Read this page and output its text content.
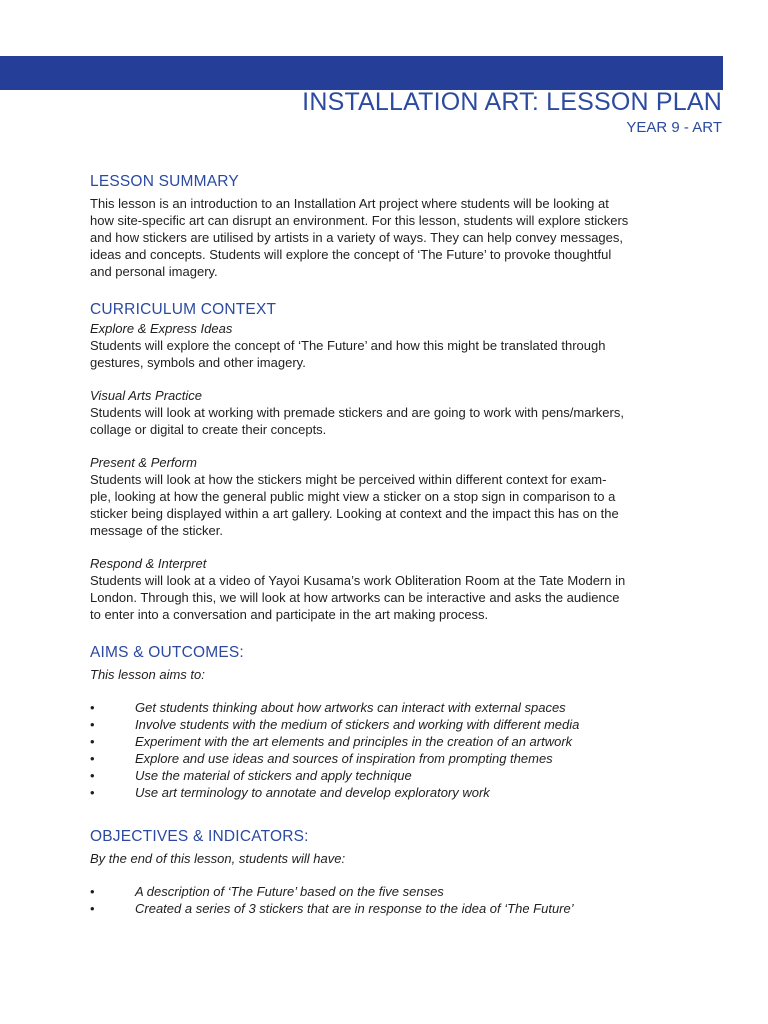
INSTALLATION ART: LESSON PLAN
YEAR 9 - ART
LESSON SUMMARY

This lesson is an introduction to an Installation Art project where students will be looking at

how site-specific art can disrupt an environment. For this lesson, students will explore stickers

and how stickers are utilised by artists in a variety of ways. They can help convey messages,

ideas and concepts. Students will explore the concept of ‘The Future’ to provoke thoughtful

and personal imagery.

CURRICULUM CONTEXT

Explore & Express Ideas

Students will explore the concept of ‘The Future’ and how this might be translated through

gestures, symbols and other imagery.

Visual Arts Practice

Students will look at working with premade stickers and are going to work with pens/markers,

collage or digital to create their concepts.

Present & Perform

Students will look at how the stickers might be perceived within different context for exam-

ple, looking at how the general public might view a sticker on a stop sign in comparison to a

sticker being displayed within a art gallery. Looking at context and the impact this has on the

message of the sticker.

Respond & Interpret

Students will look at a video of Yayoi Kusama’s work Obliteration Room at the Tate Modern in

London. Through this, we will look at how artworks can be interactive and asks the audience

to enter into a conversation and participate in the art making process.

AIMS & OUTCOMES:

This lesson aims to:

•	Get students thinking about how artworks can interact with external spaces
•	Involve students with the medium of stickers and working with different media
•	Experiment with the art elements and principles in the creation of an artwork
•	Explore and use ideas and sources of inspiration from prompting themes
•	Use the material of stickers and apply technique
•	Use art terminology to annotate and develop exploratory work
OBJECTIVES & INDICATORS:

By the end of this lesson, students will have:

•	A description of ‘The Future’ based on the five senses
•	Created a series of 3 stickers that are in response to the idea of ‘The Future’
